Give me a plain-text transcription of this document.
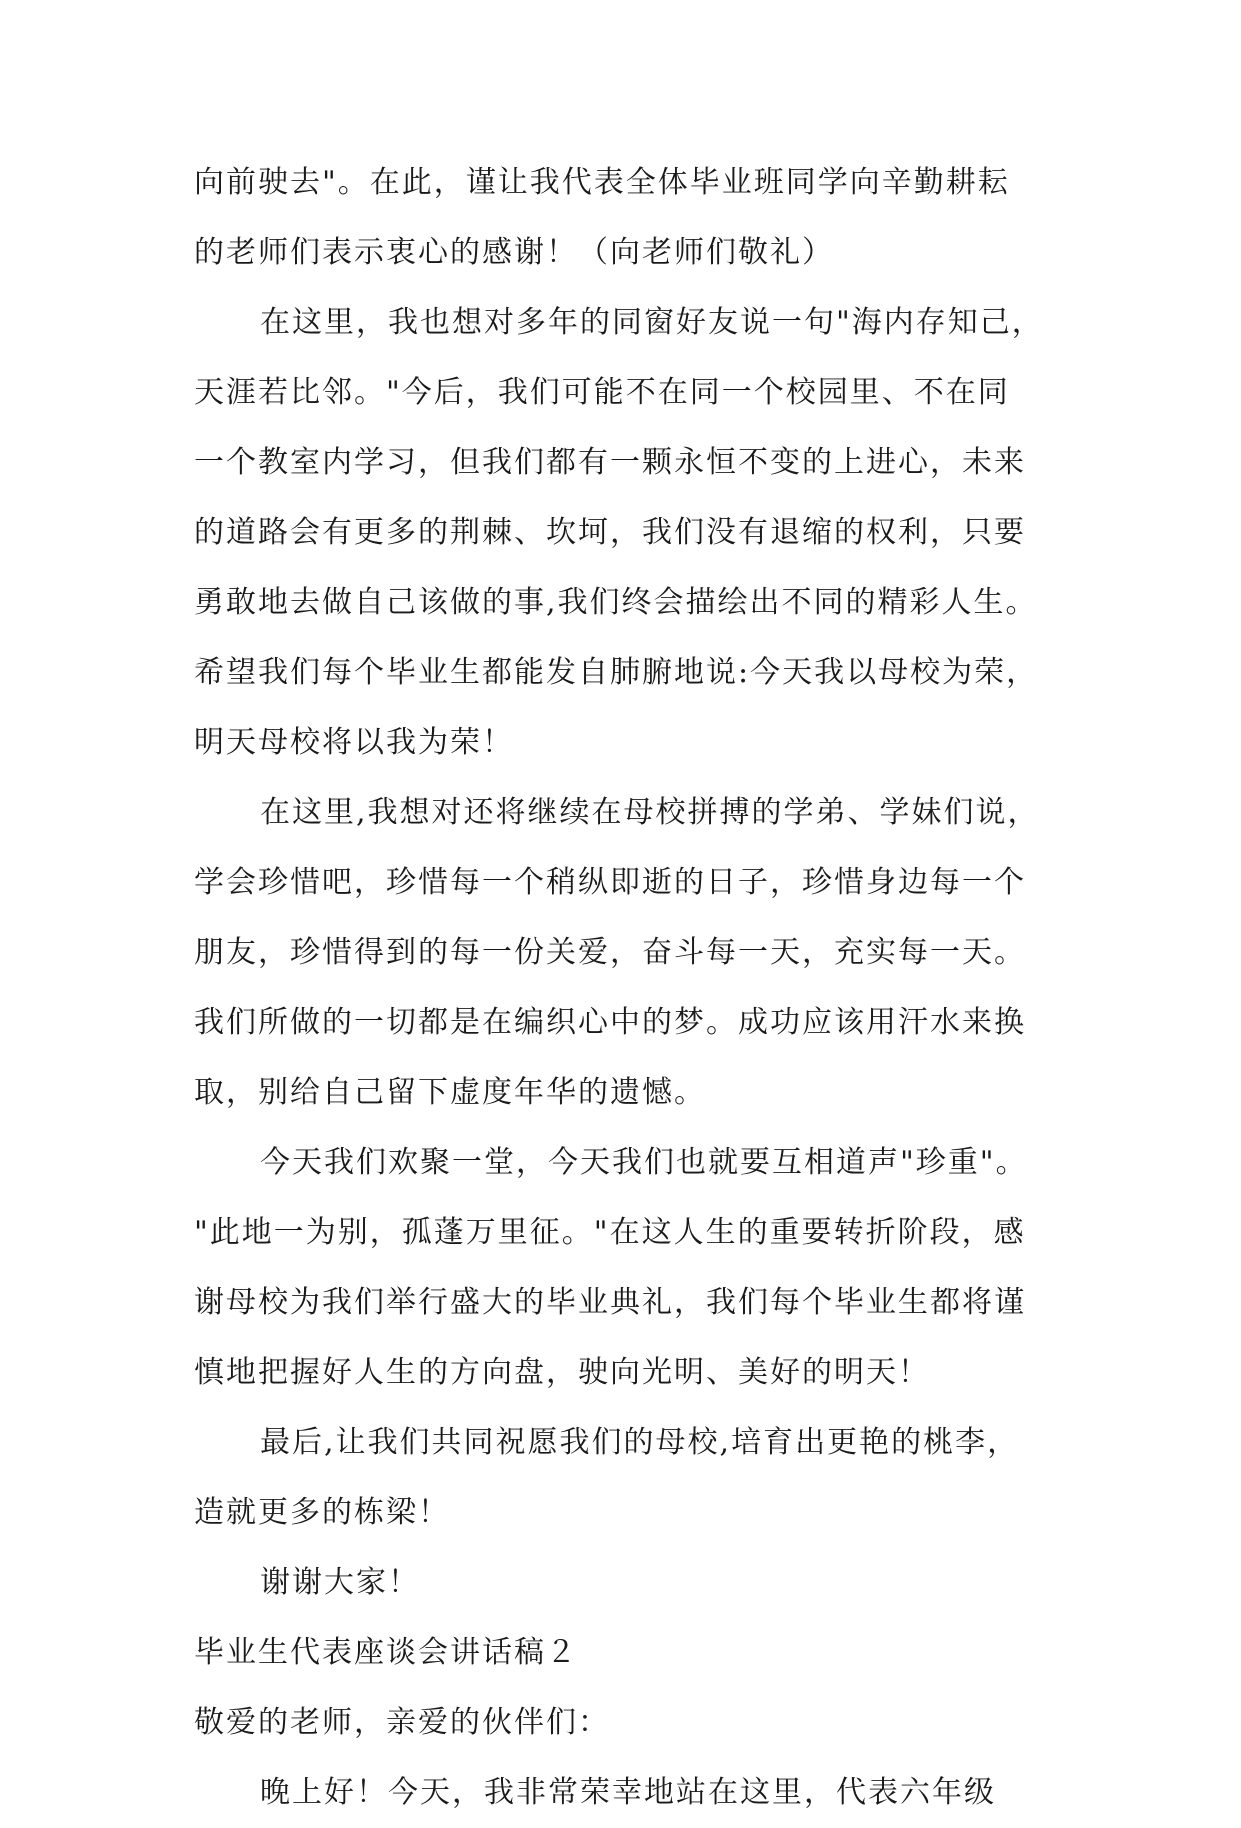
向前驶去"。在此，谨让我代表全体毕业班同学向辛勤耕耘
的老师们表示衷心的感谢！（向老师们敬礼）
在这里，我也想对多年的同窗好友说一句"海内存知己，
天涯若比邻。"今后，我们可能不在同一个校园里、不在同
一个教室内学习，但我们都有一颗永恒不变的上进心，未来
的道路会有更多的荆棘、坎坷，我们没有退缩的权利，只要
勇敢地去做自己该做的事,我们终会描绘出不同的精彩人生。
希望我们每个毕业生都能发自肺腑地说:今天我以母校为荣，
明天母校将以我为荣！
在这里,我想对还将继续在母校拼搏的学弟、学妹们说，
学会珍惜吧，珍惜每一个稍纵即逝的日子，珍惜身边每一个
朋友，珍惜得到的每一份关爱，奋斗每一天，充实每一天。
我们所做的一切都是在编织心中的梦。成功应该用汗水来换
取，别给自己留下虚度年华的遗憾。
今天我们欢聚一堂，今天我们也就要互相道声"珍重"。
"此地一为别，孤蓬万里征。"在这人生的重要转折阶段，感
谢母校为我们举行盛大的毕业典礼，我们每个毕业生都将谨
慎地把握好人生的方向盘，驶向光明、美好的明天！
最后,让我们共同祝愿我们的母校,培育出更艳的桃李，
造就更多的栋梁！
谢谢大家！
毕业生代表座谈会讲话稿２
敬爱的老师，亲爱的伙伴们：
晚上好！今天，我非常荣幸地站在这里，代表六年级
